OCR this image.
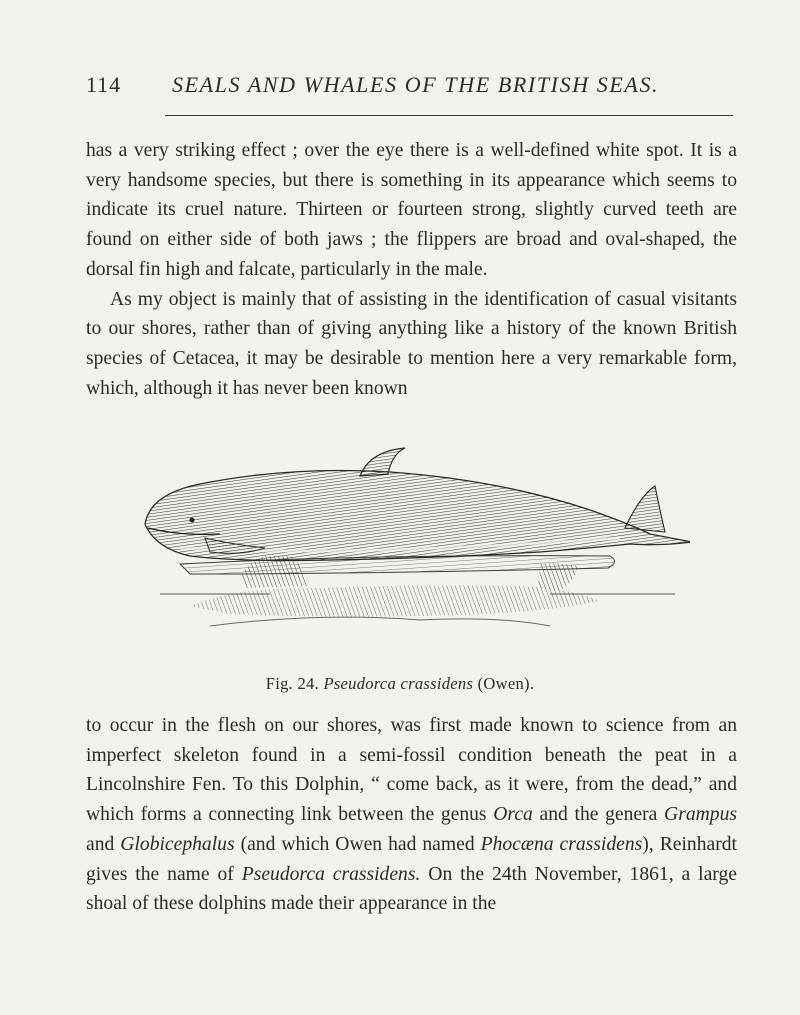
114 SEALS AND WHALES OF THE BRITISH SEAS.

has a very striking effect ; over the eye there is a well-defined white spot. It is a very handsome species, but there is something in its appearance which seems to indicate its cruel nature. Thirteen or fourteen strong, slightly curved teeth are found on either side of both jaws ; the flippers are broad and oval-shaped, the dorsal fin high and falcate, particularly in the male.
As my object is mainly that of assisting in the identification of casual visitants to our shores, rather than of giving anything like a history of the known British species of Cetacea, it may be desirable to mention here a very remarkable form, which, although it has never been known

Fig. 24. Pseudorca crassidens (Owen).

to occur in the flesh on our shores, was first made known to science from an imperfect skeleton found in a semi-fossil condition beneath the peat in a Lincolnshire Fen. To this Dolphin, “ come back, as it were, from the dead,” and which forms a connecting link between the genus Orca and the genera Grampus and Globicephalus (and which Owen had named Phocæna crassidens), Reinhardt gives the name of Pseudorca crassidens. On the 24th November, 1861, a large shoal of these dolphins made their appearance in the
